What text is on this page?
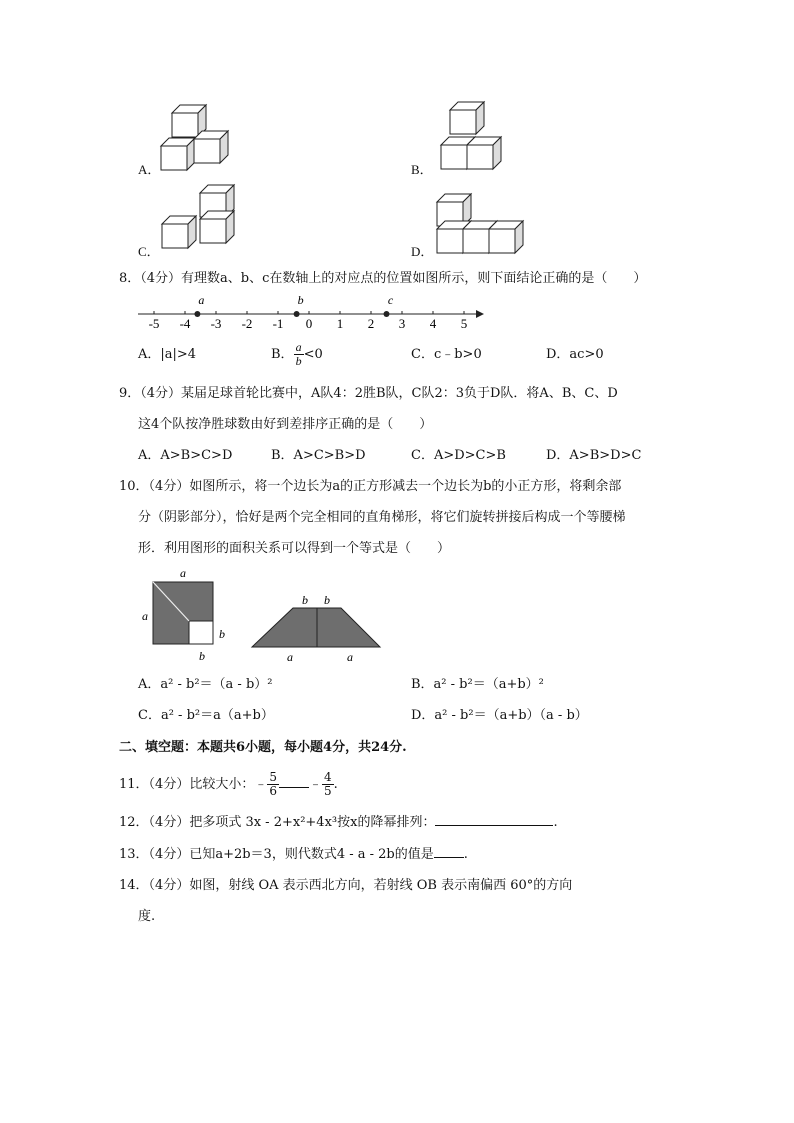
A．	B．
C．	D．
8．（4分）有理数a、b、c在数轴上的对应点的位置如图所示，则下面结论正确的是（　　）
-5 -4 -3 -2 -1 0 1 2 3 4 5
a	b	c
A．|a|>4	B． $\frac{a}{b} <0$	C．c﹣b>0	D．ac>0
9．（4分）某届足球首轮比赛中，A队4：2胜B队，C队2：3负于D队．将A、B、C、D
这4个队按净胜球数由好到差排序正确的是（　　）
A．A>B>C>D	B．A>C>B>D	C．A>D>C>B	D．A>B>D>C
10．（4分）如图所示，将一个边长为a的正方形减去一个边长为b的小正方形，将剩余部
分（阴影部分），恰好是两个完全相同的直角梯形，将它们旋转拼接后构成一个等腰梯
形．利用图形的面积关系可以得到一个等式是（　　）
a
a
b
b
b b
a	a
A．a² - b²＝（a - b）²	B．a² - b²＝（a+b）²
C．a² - b²＝a（a+b）	D．a² - b²＝（a+b）（a - b）
二、填空题：本题共6小题，每小题4分，共24分.
11．（4分）比较大小：﹣ $\frac{5}{6}$ ﹣ $\frac{4}{5}$ .
12．（4分）把多项式 3x - 2+x²+4x³按x的降幂排列：	.
13．（4分）已知a+2b＝3，则代数式4 - a - 2b的值是 .
14．（4分）如图，射线 OA 表示西北方向，若射线 OB 表示南偏西 60°的方向
度.
